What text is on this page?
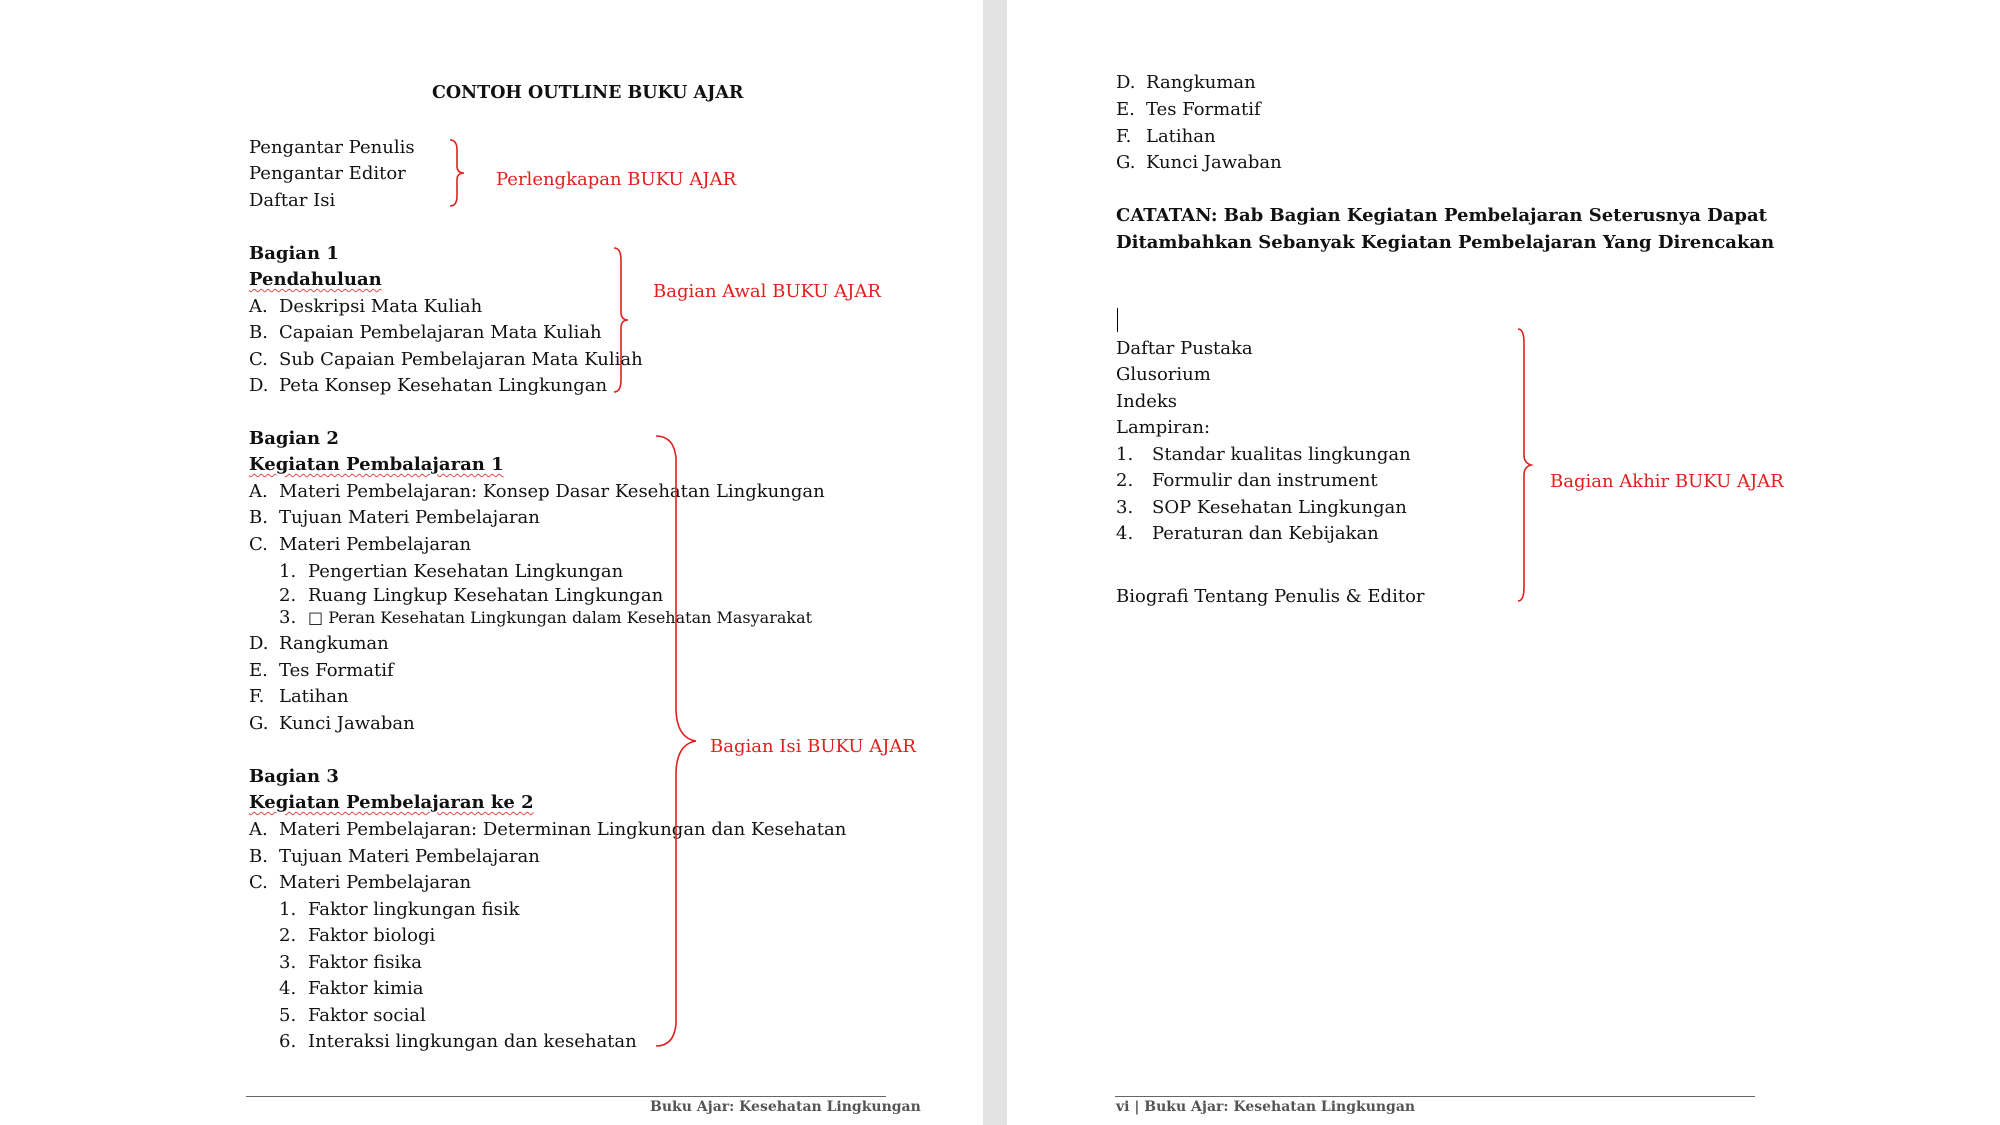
CONTOH OUTLINE BUKU AJAR
Pengantar Penulis
Pengantar Editor
Daftar Isi
Perlengkapan BUKU AJAR
Bagian 1
Pendahuluan
A. Deskripsi Mata Kuliah
B. Capaian Pembelajaran Mata Kuliah
C. Sub Capaian Pembelajaran Mata Kuliah
D. Peta Konsep Kesehatan Lingkungan
Bagian Awal BUKU AJAR
Bagian 2
Kegiatan Pembalajaran 1
A. Materi Pembelajaran: Konsep Dasar Kesehatan Lingkungan
B. Tujuan Materi Pembelajaran
C. Materi Pembelajaran
1. Pengertian Kesehatan Lingkungan
2. Ruang Lingkup Kesehatan Lingkungan
3. □ Peran Kesehatan Lingkungan dalam Kesehatan Masyarakat
D. Rangkuman
E. Tes Formatif
F. Latihan
G. Kunci Jawaban
Bagian Isi BUKU AJAR
Bagian 3
Kegiatan Pembelajaran ke 2
A. Materi Pembelajaran: Determinan Lingkungan dan Kesehatan
B. Tujuan Materi Pembelajaran
C. Materi Pembelajaran
1. Faktor lingkungan fisik
2. Faktor biologi
3. Faktor fisika
4. Faktor kimia
5. Faktor social
6. Interaksi lingkungan dan kesehatan
Buku Ajar: Kesehatan Lingkungan
D. Rangkuman
E. Tes Formatif
F. Latihan
G. Kunci Jawaban
CATATAN: Bab Bagian Kegiatan Pembelajaran Seterusnya Dapat
Ditambahkan Sebanyak Kegiatan Pembelajaran Yang Direncakan
Daftar Pustaka
Glusorium
Indeks
Lampiran:
1. Standar kualitas lingkungan
2. Formulir dan instrument
3. SOP Kesehatan Lingkungan
4. Peraturan dan Kebijakan
Biografi Tentang Penulis & Editor
Bagian Akhir BUKU AJAR
vi | Buku Ajar: Kesehatan Lingkungan
